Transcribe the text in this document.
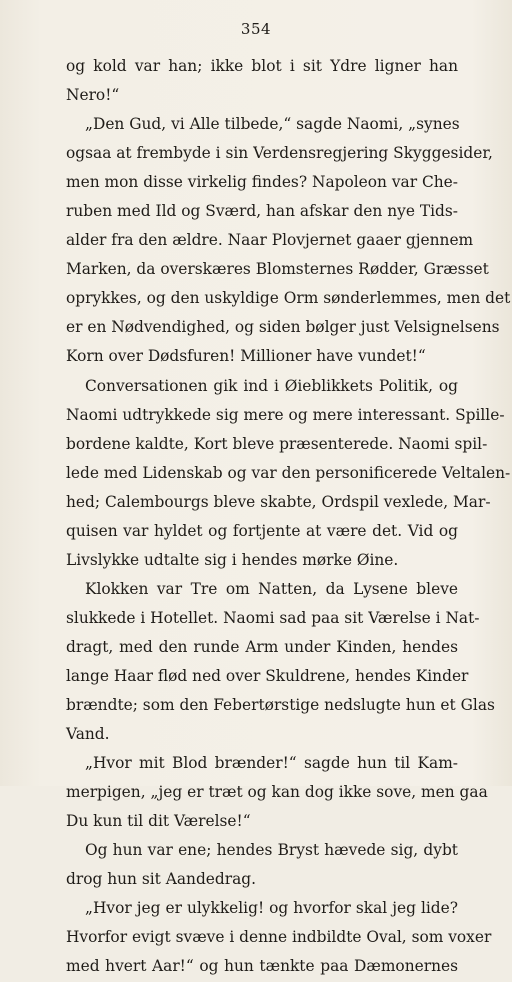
354
og kold var han; ikke blot i sit Ydre ligner han
Nero!“
„Den Gud, vi Alle tilbede,“ sagde Naomi, „synes
ogsaa at frembyde i sin Verdensregjering Skyggesider,
men mon disse virkelig findes? Napoleon var Che-
ruben med Ild og Sværd, han afskar den nye Tids-
alder fra den ældre. Naar Plovjernet gaaer gjennem
Marken, da overskæres Blomsternes Rødder, Græsset
oprykkes, og den uskyldige Orm sønderlemmes, men det
er en Nødvendighed, og siden bølger just Velsignelsens
Korn over Dødsfuren! Millioner have vundet!“
Conversationen gik ind i Øieblikkets Politik, og
Naomi udtrykkede sig mere og mere interessant. Spille-
bordene kaldte, Kort bleve præsenterede. Naomi spil-
lede med Lidenskab og var den personificerede Veltalen-
hed; Calembourgs bleve skabte, Ordspil vexlede, Mar-
quisen var hyldet og fortjente at være det. Vid og
Livslykke udtalte sig i hendes mørke Øine.
Klokken var Tre om Natten, da Lysene bleve
slukkede i Hotellet. Naomi sad paa sit Værelse i Nat-
dragt, med den runde Arm under Kinden, hendes
lange Haar flød ned over Skuldrene, hendes Kinder
brændte; som den Febertørstige nedslugte hun et Glas
Vand.
„Hvor mit Blod brænder!“ sagde hun til Kam-
merpigen, „jeg er træt og kan dog ikke sove, men gaa
Du kun til dit Værelse!“
Og hun var ene; hendes Bryst hævede sig, dybt
drog hun sit Aandedrag.
„Hvor jeg er ulykkelig! og hvorfor skal jeg lide?
Hvorfor evigt svæve i denne indbildte Oval, som voxer
med hvert Aar!“ og hun tænkte paa Dæmonernes
